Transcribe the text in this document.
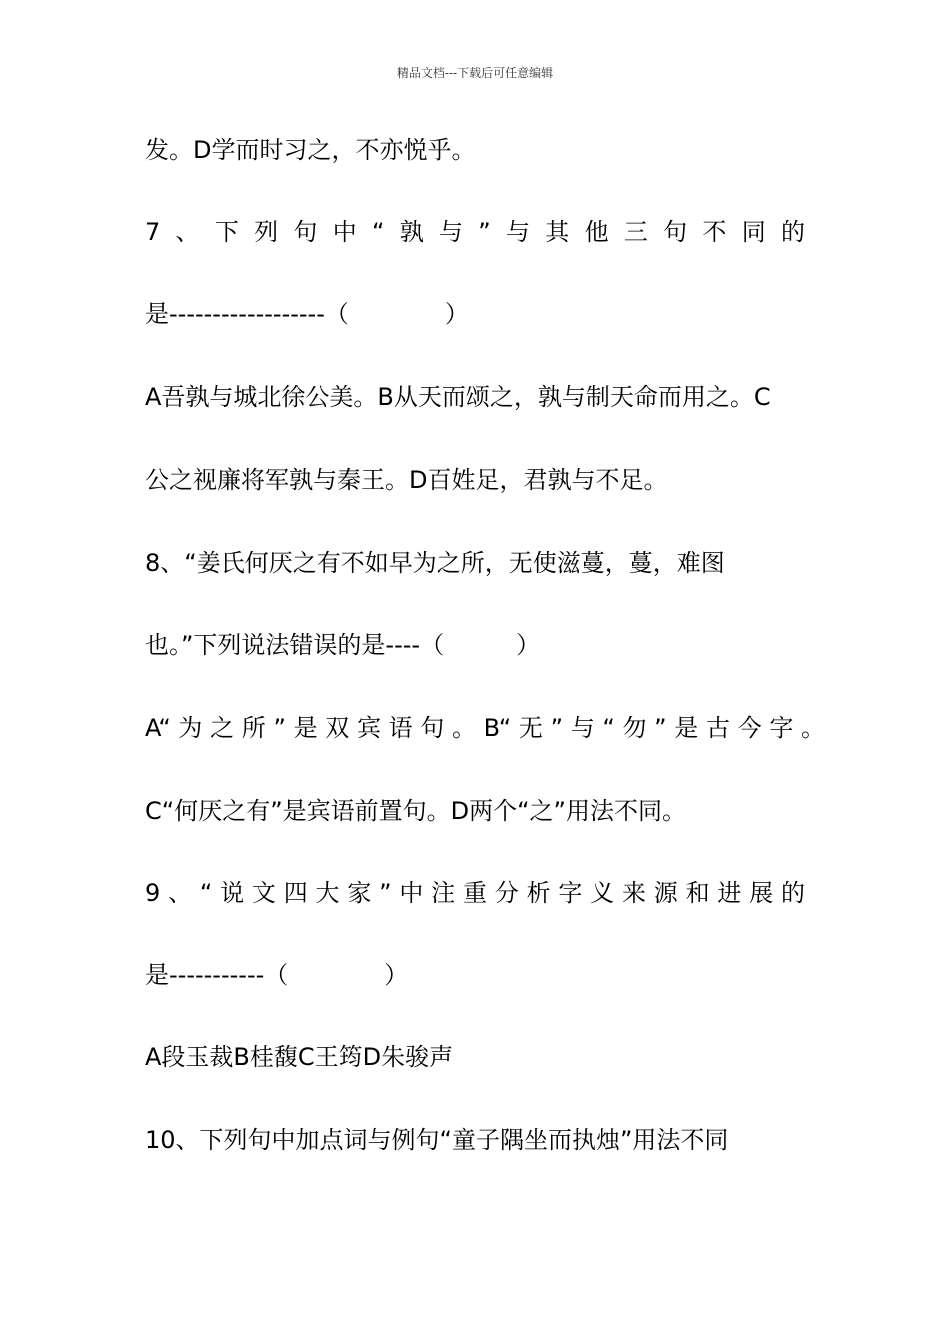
精品文档---下载后可任意编辑
发。D学而时习之，不亦悦乎。
7、下列句中“孰与”与其他三句不同的
是------------------（　　　　）
A吾孰与城北徐公美。B从天而颂之，孰与制天命而用之。C
公之视廉将军孰与秦王。D百姓足，君孰与不足。
8、“姜氏何厌之有不如早为之所，无使滋蔓，蔓，难图
也。”下列说法错误的是----（　　　）
A“为之所”是双宾语句。B“无”与“勿”是古今字。
C“何厌之有”是宾语前置句。D两个“之”用法不同。
9、“说文四大家”中注重分析字义来源和进展的
是-----------（　　　　）
A段玉裁B桂馥C王筠D朱骏声
10、下列句中加点词与例句“童子隅坐而执烛”用法不同
